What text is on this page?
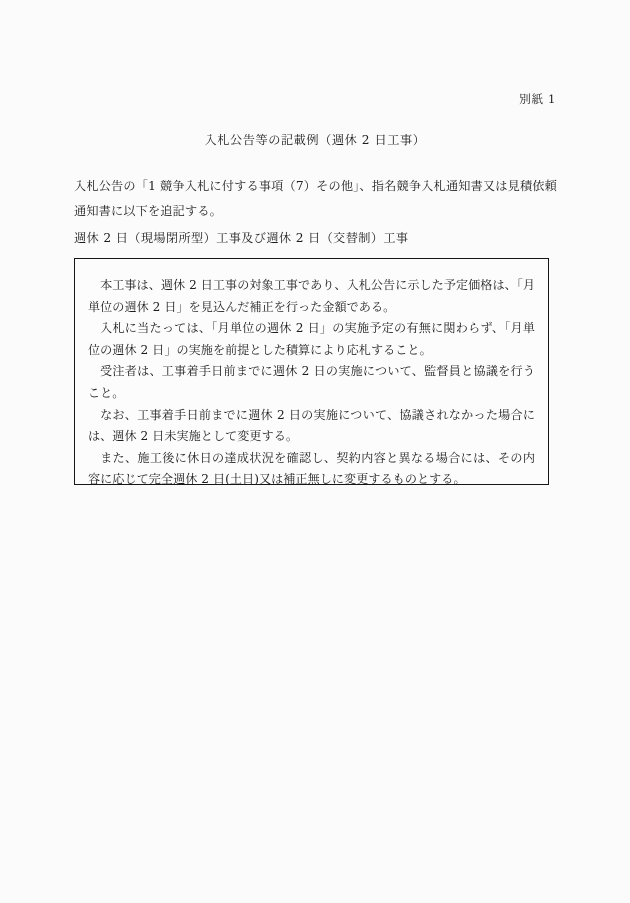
別紙 1
入札公告等の記載例（週休 2 日工事）

入札公告の「1 競争入札に付する事項（7）その他」、指名競争入札通知書又は見積依頼通知書に以下を追記する。

週休 2 日（現場閉所型）工事及び週休 2 日（交替制）工事

本工事は、週休 2 日工事の対象工事であり、入札公告に示した予定価格は、「月単位の週休 2 日」を見込んだ補正を行った金額である。

入札に当たっては、「月単位の週休 2 日」の実施予定の有無に関わらず、「月単位の週休 2 日」の実施を前提とした積算により応札すること。

受注者は、工事着手日前までに週休 2 日の実施について、監督員と協議を行うこと。

なお、工事着手日前までに週休 2 日の実施について、協議されなかった場合には、週休 2 日未実施として変更する。

また、施工後に休日の達成状況を確認し、契約内容と異なる場合には、その内容に応じて完全週休 2 日(土日)又は補正無しに変更するものとする。
